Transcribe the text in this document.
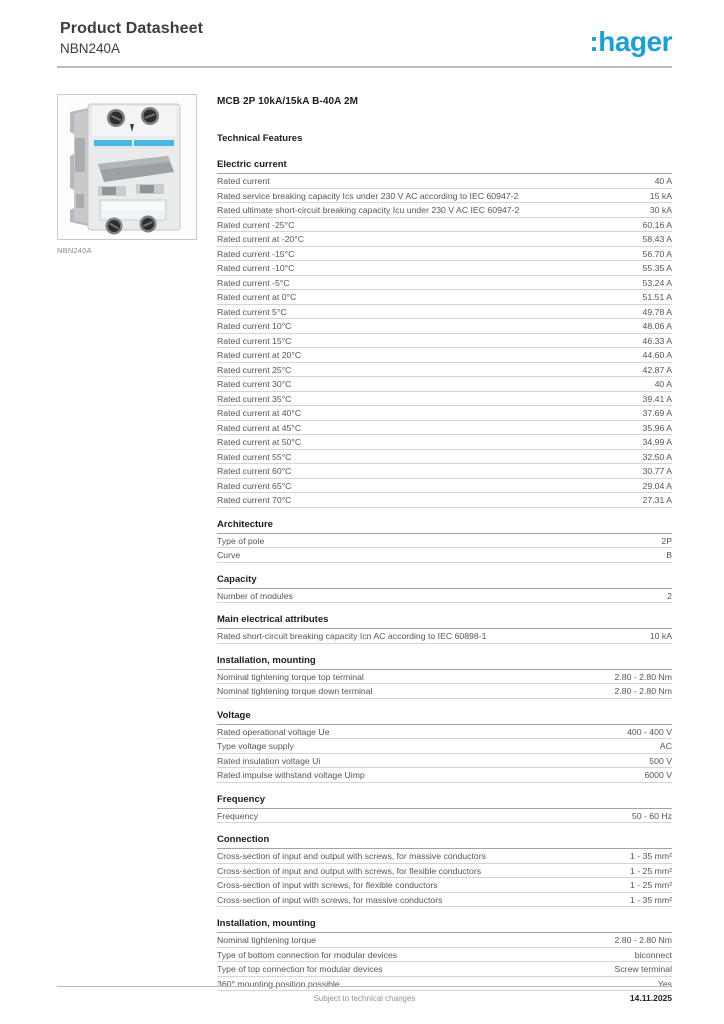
Product Datasheet
NBN240A	:hager
NBN240A
MCB 2P 10kA/15kA B-40A 2M
Technical Features
Electric current
Rated current	40 A
Rated service breaking capacity Ics under 230 V AC according to IEC 60947-2	15 kA
Rated ultimate short-circuit breaking capacity Icu under 230 V AC IEC 60947-2	30 kA
Rated current -25°C	60.16 A
Rated current at -20°C	58.43 A
Rated current -15°C	56.70 A
Rated current -10°C	55.35 A
Rated current -5°C	53.24 A
Rated current at 0°C	51.51 A
Rated current 5°C	49.78 A
Rated current 10°C	48.06 A
Rated current 15°C	46.33 A
Rated current at 20°C	44.60 A
Rated current 25°C	42.87 A
Rated current 30°C	40 A
Rated current 35°C	39.41 A
Rated current at 40°C	37.69 A
Rated current at 45°C	35.96 A
Rated current at 50°C	34.99 A
Rated current 55°C	32.50 A
Rated current 60°C	30.77 A
Rated current 65°C	29.04 A
Rated current 70°C	27.31 A
Architecture
Type of pole	2P
Curve	B
Capacity
Number of modules	2
Main electrical attributes
Rated short-circuit breaking capacity Icn AC according to IEC 60898-1	10 kA
Installation, mounting
Nominal tightening torque top terminal	2.80 - 2.80 Nm
Nominal tightening torque down terminal	2.80 - 2.80 Nm
Voltage
Rated operational voltage Ue	400 - 400 V
Type voltage supply	AC
Rated insulation voltage Ui	500 V
Rated impulse withstand voltage Uimp	6000 V
Frequency
Frequency	50 - 60 Hz
Connection
Cross-section of input and output with screws, for massive conductors	1 - 35 mm²
Cross-section of input and output with screws, for flexible conductors	1 - 25 mm²
Cross-section of input with screws, for flexible conductors	1 - 25 mm²
Cross-section of input with screws, for massive conductors	1 - 35 mm²
Installation, mounting
Nominal tightening torque	2.80 - 2.80 Nm
Type of bottom connection for modular devices	biconnect
Type of top connection for modular devices	Screw terminal
360° mounting position possible	Yes
Subject to technical changes	14.11.2025
